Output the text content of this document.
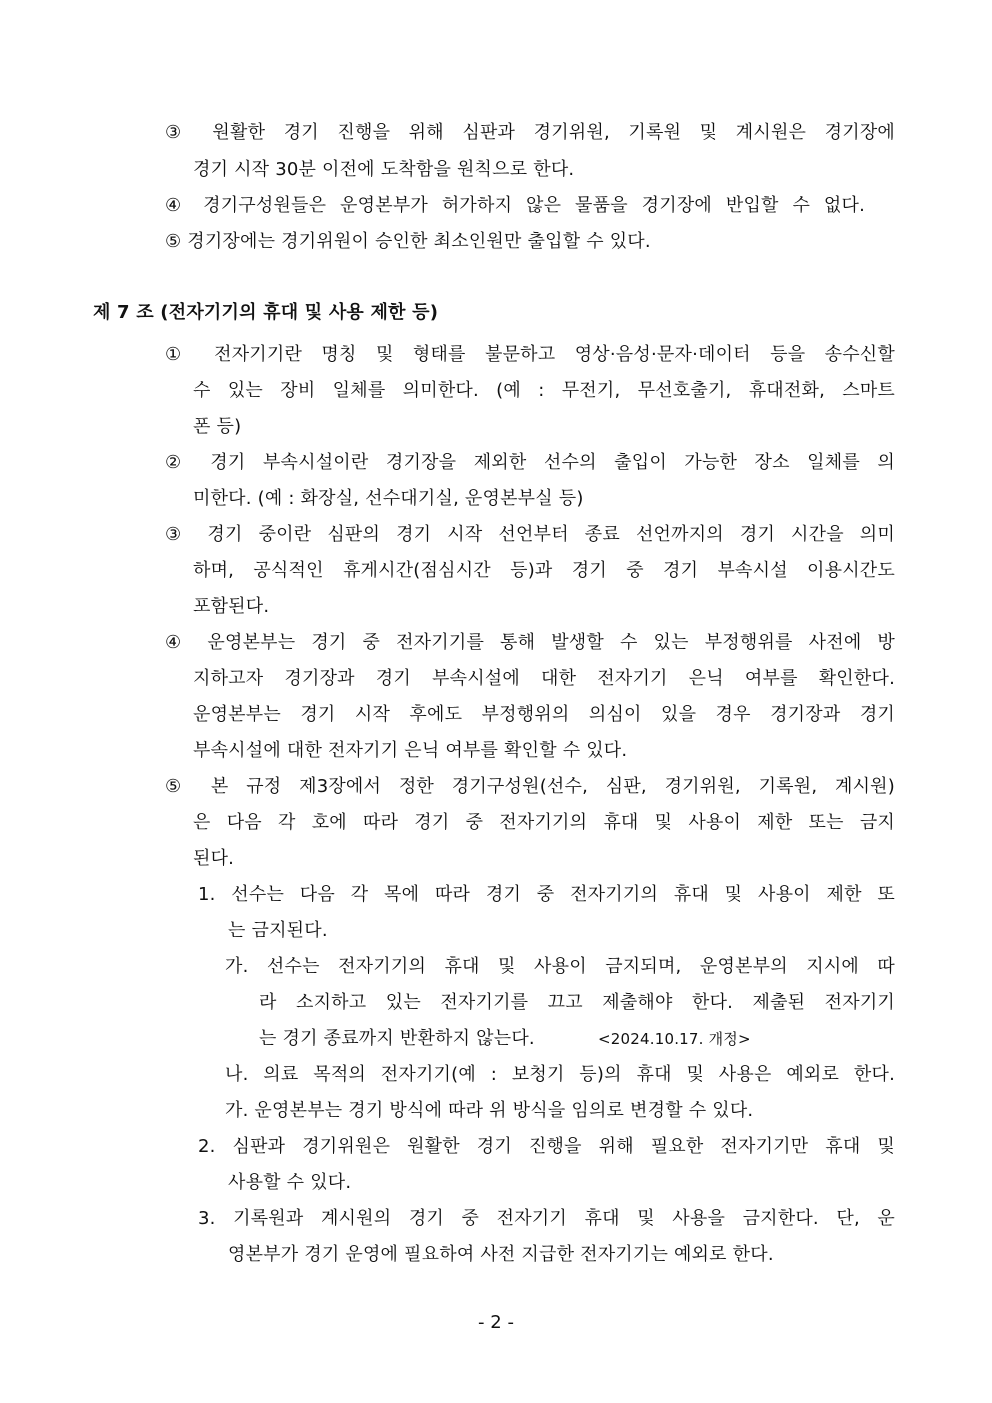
③ 원활한 경기 진행을 위해 심판과 경기위원, 기록원 및 계시원은 경기장에
경기 시작 30분 이전에 도착함을 원칙으로 한다.
④ 경기구성원들은 운영본부가 허가하지 않은 물품을 경기장에 반입할 수 없다.
⑤ 경기장에는 경기위원이 승인한 최소인원만 출입할 수 있다.
제 7 조 (전자기기의 휴대 및 사용 제한 등)
① 전자기기란 명칭 및 형태를 불문하고 영상·음성·문자·데이터 등을 송수신할
수 있는 장비 일체를 의미한다. (예 : 무전기, 무선호출기, 휴대전화, 스마트
폰 등)
② 경기 부속시설이란 경기장을 제외한 선수의 출입이 가능한 장소 일체를 의
미한다. (예 : 화장실, 선수대기실, 운영본부실 등)
③ 경기 중이란 심판의 경기 시작 선언부터 종료 선언까지의 경기 시간을 의미
하며, 공식적인 휴게시간(점심시간 등)과 경기 중 경기 부속시설 이용시간도
포함된다.
④ 운영본부는 경기 중 전자기기를 통해 발생할 수 있는 부정행위를 사전에 방
지하고자 경기장과 경기 부속시설에 대한 전자기기 은닉 여부를 확인한다.
운영본부는 경기 시작 후에도 부정행위의 의심이 있을 경우 경기장과 경기
부속시설에 대한 전자기기 은닉 여부를 확인할 수 있다.
⑤ 본 규정 제3장에서 정한 경기구성원(선수, 심판, 경기위원, 기록원, 계시원)
은 다음 각 호에 따라 경기 중 전자기기의 휴대 및 사용이 제한 또는 금지
된다.
1. 선수는 다음 각 목에 따라 경기 중 전자기기의 휴대 및 사용이 제한 또
는 금지된다.
가. 선수는 전자기기의 휴대 및 사용이 금지되며, 운영본부의 지시에 따
라 소지하고 있는 전자기기를 끄고 제출해야 한다. 제출된 전자기기
는 경기 종료까지 반환하지 않는다.	<2024.10.17. 개정>
나. 의료 목적의 전자기기(예 : 보청기 등)의 휴대 및 사용은 예외로 한다.
가. 운영본부는 경기 방식에 따라 위 방식을 임의로 변경할 수 있다.
2. 심판과 경기위원은 원활한 경기 진행을 위해 필요한 전자기기만 휴대 및
사용할 수 있다.
3. 기록원과 계시원의 경기 중 전자기기 휴대 및 사용을 금지한다. 단, 운
영본부가 경기 운영에 필요하여 사전 지급한 전자기기는 예외로 한다.
- 2 -
